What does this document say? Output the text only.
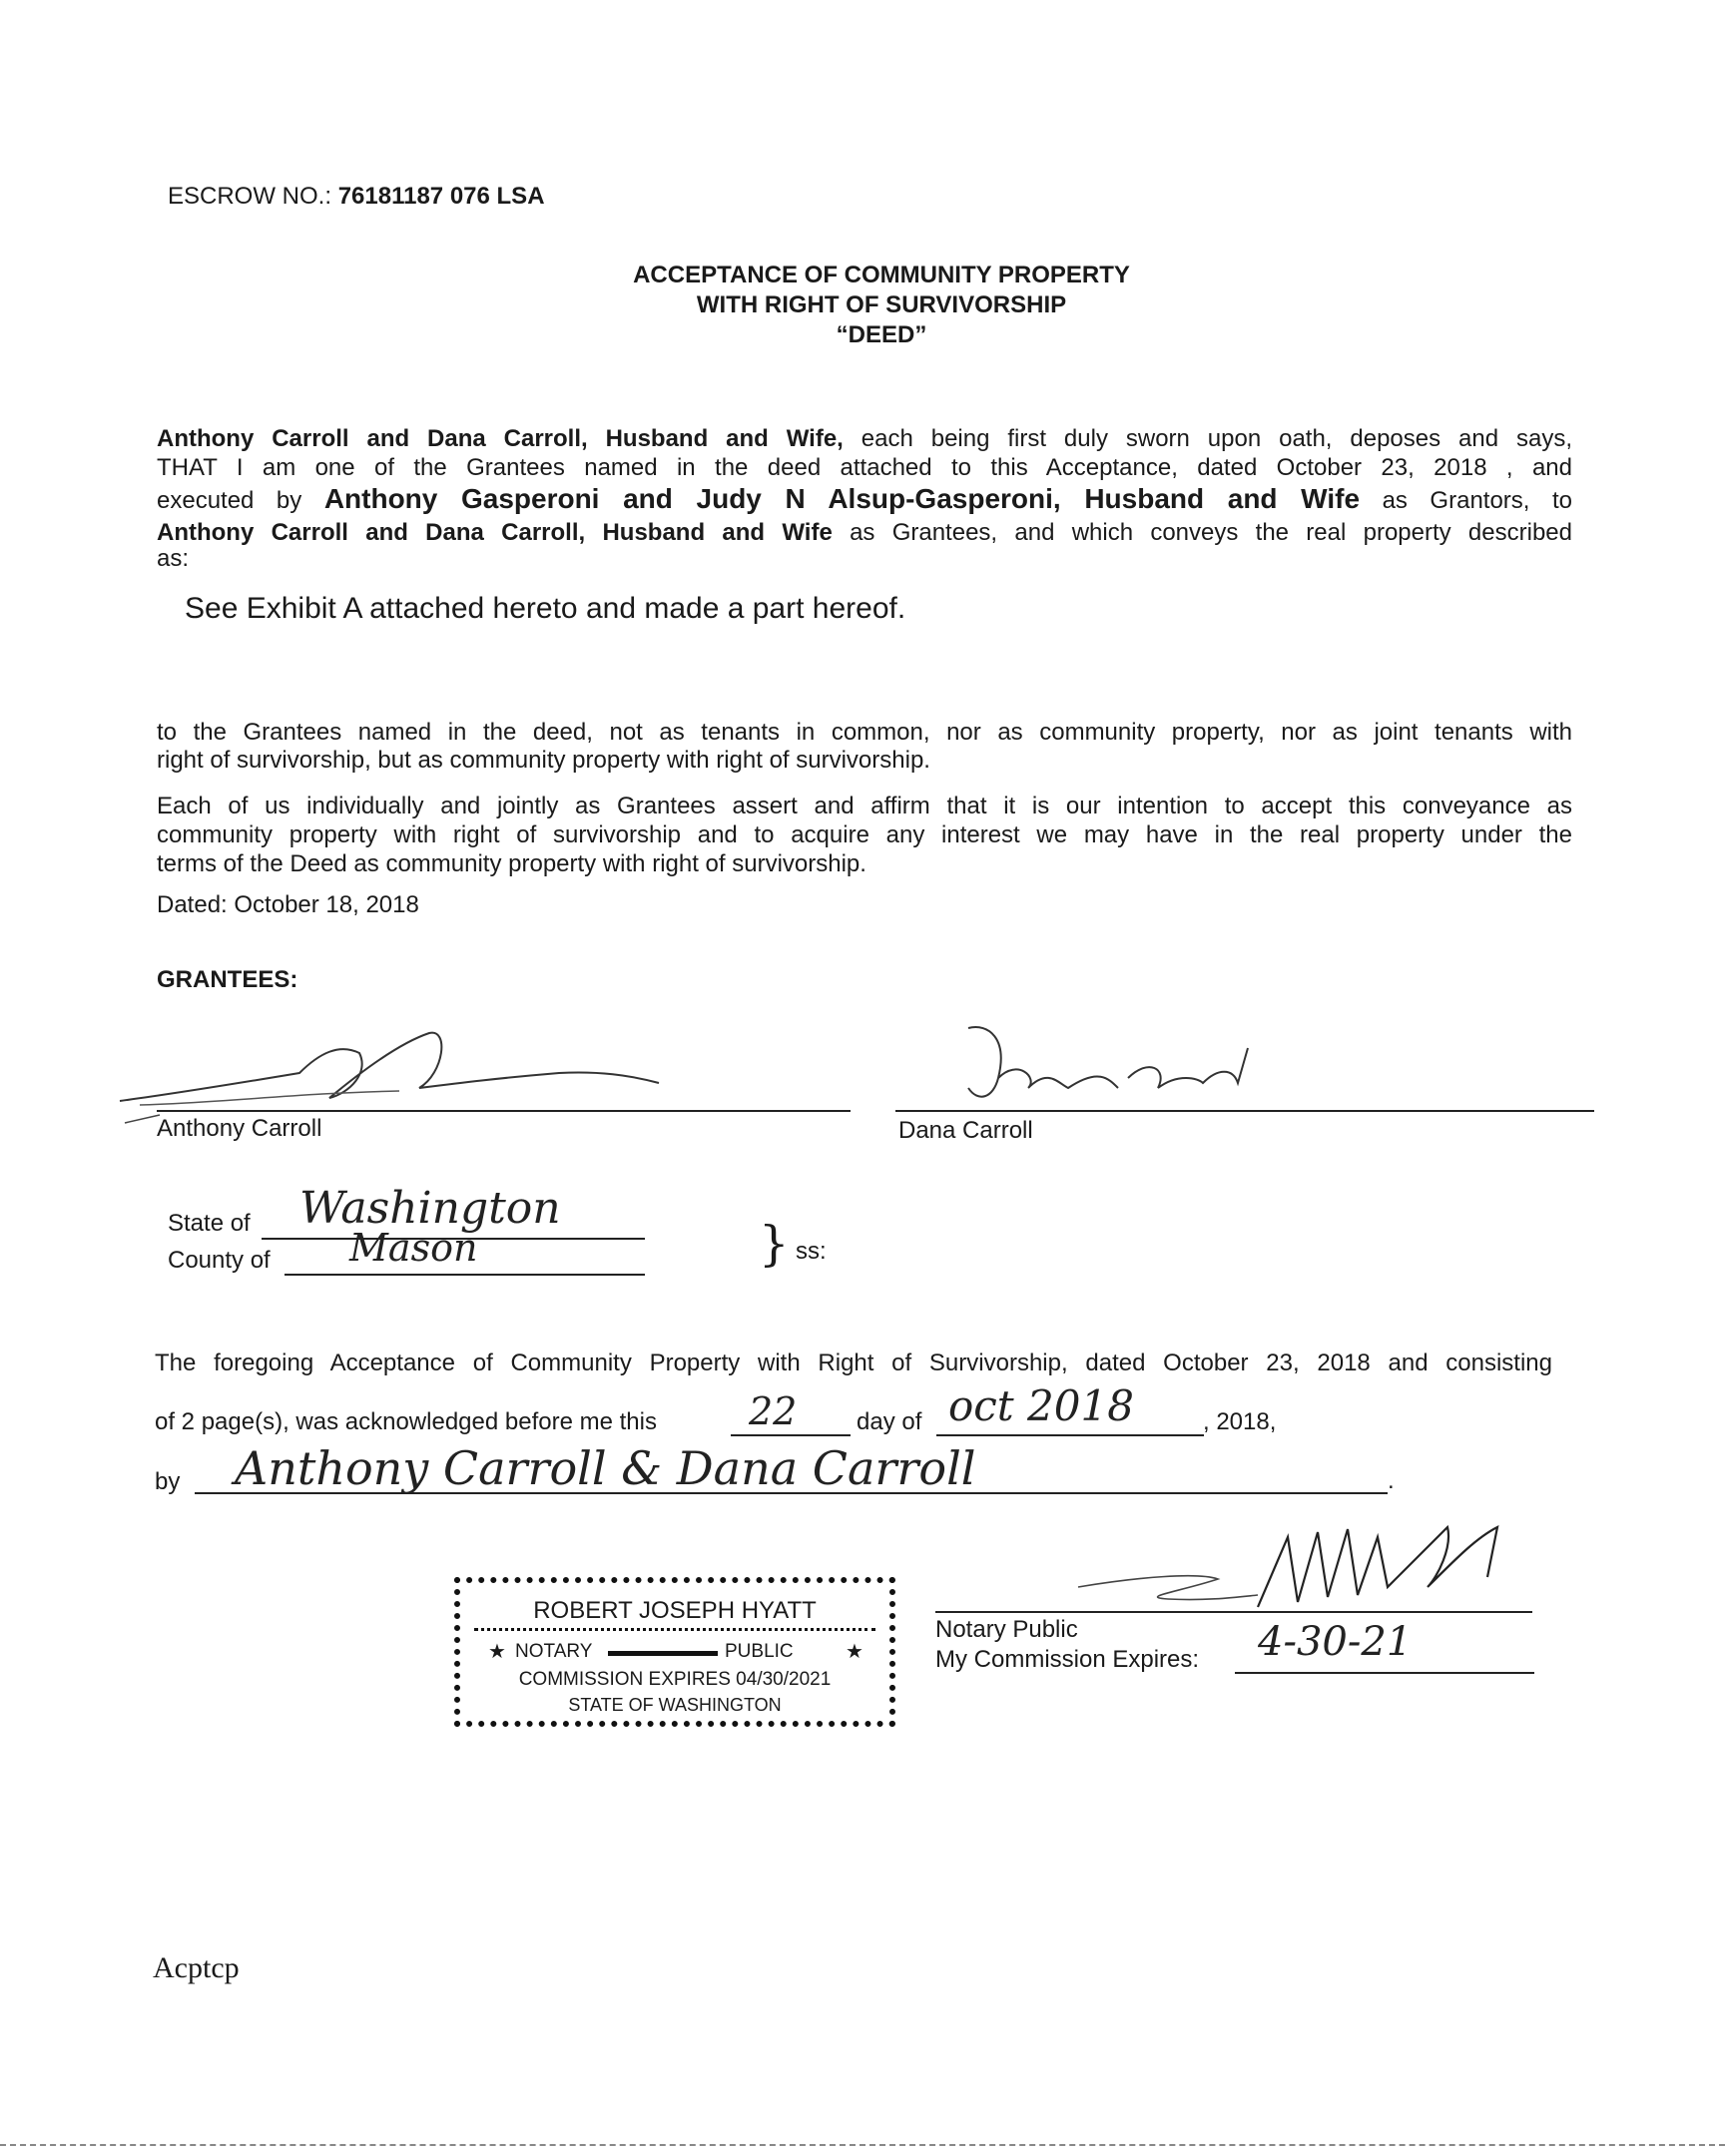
ESCROW NO.: 76181187 076 LSA
ACCEPTANCE OF COMMUNITY PROPERTY
WITH RIGHT OF SURVIVORSHIP
“DEED”
Anthony Carroll and Dana Carroll, Husband and Wife, each being first duly sworn upon oath, deposes and says,
THAT I am one of the Grantees named in the deed attached to this Acceptance, dated October 23, 2018 , and
executed by Anthony Gasperoni and Judy N Alsup-Gasperoni, Husband and Wife as Grantors, to
Anthony Carroll and Dana Carroll, Husband and Wife as Grantees, and which conveys the real property described
as:
See Exhibit A attached hereto and made a part hereof.
to the Grantees named in the deed, not as tenants in common, nor as community property, nor as joint tenants with
right of survivorship, but as community property with right of survivorship.
Each of us individually and jointly as Grantees assert and affirm that it is our intention to accept this conveyance as
community property with right of survivorship and to acquire any interest we may have in the real property under the
terms of the Deed as community property with right of survivorship.
Dated: October 18, 2018
GRANTEES:
Anthony Carroll	Dana Carroll
State of Washington
County of Mason	} ss:
The foregoing Acceptance of Community Property with Right of Survivorship, dated October 23, 2018 and consisting
of 2 page(s), was acknowledged before me this 22 day of oct 2018	, 2018,
by Anthony Carroll & Dana Carroll	.
ROBERT JOSEPH HYATT
★ NOTARY	PUBLIC	★
COMMISSION EXPIRES 04/30/2021
STATE OF WASHINGTON
Notary Public
My Commission Expires: 4-30-21
Acptcp
